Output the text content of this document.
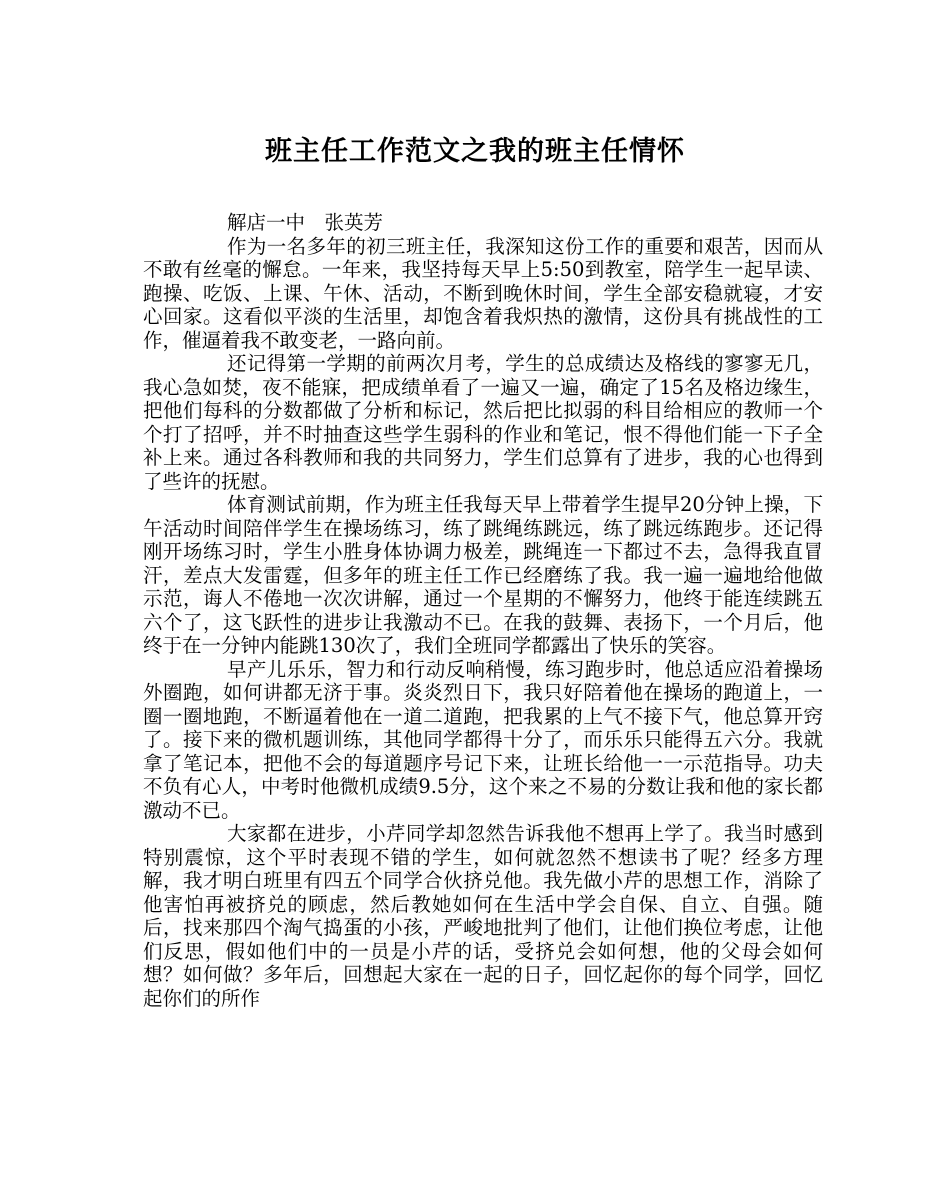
班主任工作范文之我的班主任情怀

解店一中　张英芳

作为一名多年的初三班主任，我深知这份工作的重要和艰苦，因而从不敢有丝毫的懈怠。一年来，我坚持每天早上5:50到教室，陪学生一起早读、跑操、吃饭、上课、午休、活动，不断到晚休时间，学生全部安稳就寝，才安心回家。这看似平淡的生活里，却饱含着我炽热的激情，这份具有挑战性的工作，催逼着我不敢变老，一路向前。

还记得第一学期的前两次月考，学生的总成绩达及格线的寥寥无几，我心急如焚，夜不能寐，把成绩单看了一遍又一遍，确定了15名及格边缘生，把他们每科的分数都做了分析和标记，然后把比拟弱的科目给相应的教师一个个打了招呼，并不时抽查这些学生弱科的作业和笔记，恨不得他们能一下子全补上来。通过各科教师和我的共同努力，学生们总算有了进步，我的心也得到了些许的抚慰。

体育测试前期，作为班主任我每天早上带着学生提早20分钟上操，下午活动时间陪伴学生在操场练习，练了跳绳练跳远，练了跳远练跑步。还记得刚开场练习时，学生小胜身体协调力极差，跳绳连一下都过不去，急得我直冒汗，差点大发雷霆，但多年的班主任工作已经磨练了我。我一遍一遍地给他做示范，诲人不倦地一次次讲解，通过一个星期的不懈努力，他终于能连续跳五六个了，这飞跃性的进步让我激动不已。在我的鼓舞、表扬下，一个月后，他终于在一分钟内能跳130次了，我们全班同学都露出了快乐的笑容。

早产儿乐乐，智力和行动反响稍慢，练习跑步时，他总适应沿着操场外圈跑，如何讲都无济于事。炎炎烈日下，我只好陪着他在操场的跑道上，一圈一圈地跑，不断逼着他在一道二道跑，把我累的上气不接下气，他总算开窍了。接下来的微机题训练，其他同学都得十分了，而乐乐只能得五六分。我就拿了笔记本，把他不会的每道题序号记下来，让班长给他一一示范指导。功夫不负有心人，中考时他微机成绩9.5分，这个来之不易的分数让我和他的家长都激动不已。

大家都在进步，小芹同学却忽然告诉我他不想再上学了。我当时感到特别震惊，这个平时表现不错的学生，如何就忽然不想读书了呢？经多方理解，我才明白班里有四五个同学合伙挤兑他。我先做小芹的思想工作，消除了他害怕再被挤兑的顾虑，然后教她如何在生活中学会自保、自立、自强。随后，找来那四个淘气捣蛋的小孩，严峻地批判了他们，让他们换位考虑，让他们反思，假如他们中的一员是小芹的话，受挤兑会如何想，他的父母会如何想？如何做？多年后，回想起大家在一起的日子，回忆起你的每个同学，回忆起你们的所作
